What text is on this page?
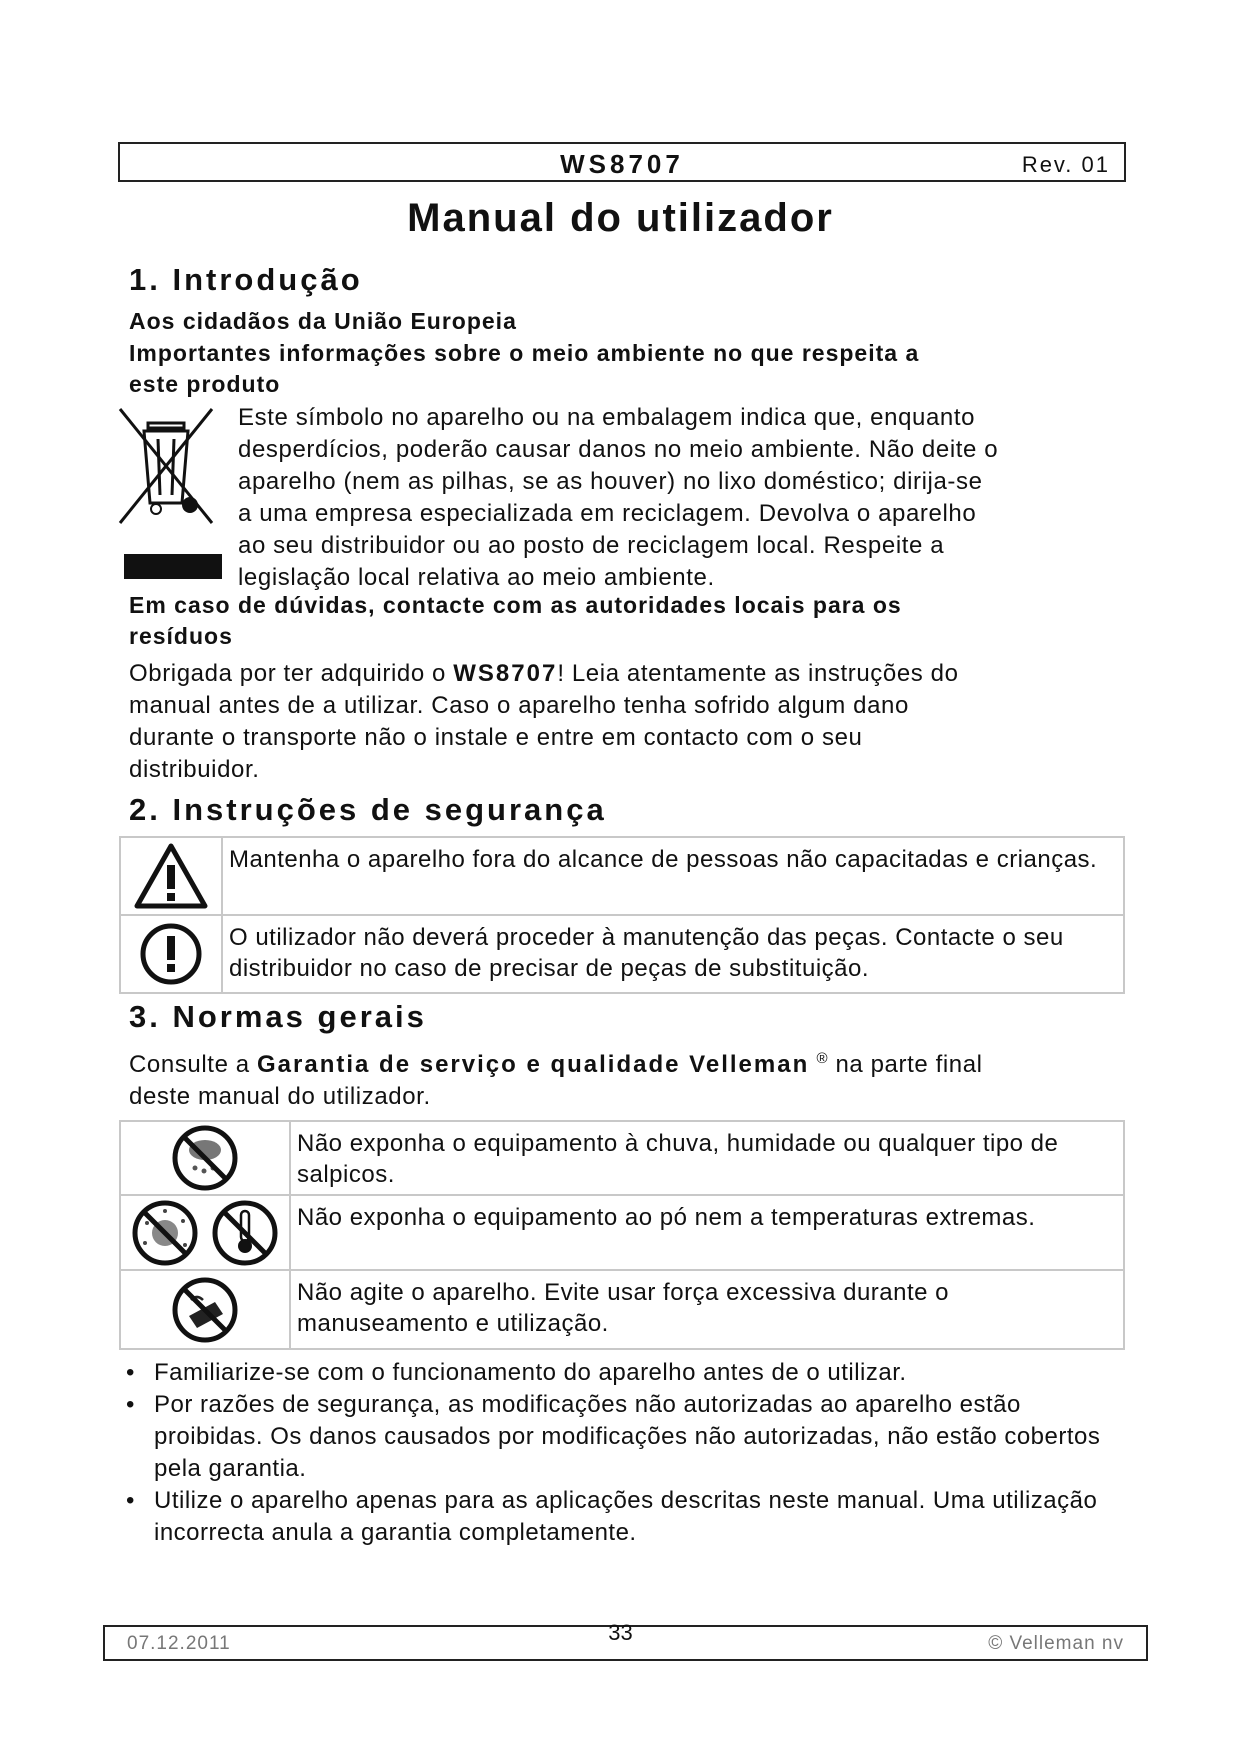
WS8707	Rev. 01
Manual do utilizador
1. Introdução
Aos cidadãos da União Europeia
Importantes informações sobre o meio ambiente no que respeita a
este produto
Este símbolo no aparelho ou na embalagem indica que, enquanto
desperdícios, poderão causar danos no meio ambiente. Não deite o
aparelho (nem as pilhas, se as houver) no lixo doméstico; dirija-se
a uma empresa especializada em reciclagem. Devolva o aparelho
ao seu distribuidor ou ao posto de reciclagem local. Respeite a
legislação local relativa ao meio ambiente.
Em caso de dúvidas, contacte com as autoridades locais para os
resíduos
Obrigada por ter adquirido o WS8707! Leia atentamente as instruções do
manual antes de a utilizar. Caso o aparelho tenha sofrido algum dano
durante o transporte não o instale e entre em contacto com o seu
distribuidor.
2. Instruções de segurança
	Mantenha o aparelho fora do alcance de pessoas não capacitadas e crianças.
	O utilizador não deverá proceder à manutenção das peças. Contacte o seu distribuidor no caso de precisar de peças de substituição.
3. Normas gerais
Consulte a Garantia de serviço e qualidade Velleman ® na parte final
deste manual do utilizador.
	Não exponha o equipamento à chuva, humidade ou qualquer tipo de salpicos.
	Não exponha o equipamento ao pó nem a temperaturas extremas.
	Não agite o aparelho. Evite usar força excessiva durante o manuseamento e utilização.
• Familiarize-se com o funcionamento do aparelho antes de o utilizar.
• Por razões de segurança, as modificações não autorizadas ao aparelho estão proibidas. Os danos causados por modificações não autorizadas, não estão cobertos pela garantia.
• Utilize o aparelho apenas para as aplicações descritas neste manual. Uma utilização incorrecta anula a garantia completamente.
07.12.2011	© Velleman nv
33
